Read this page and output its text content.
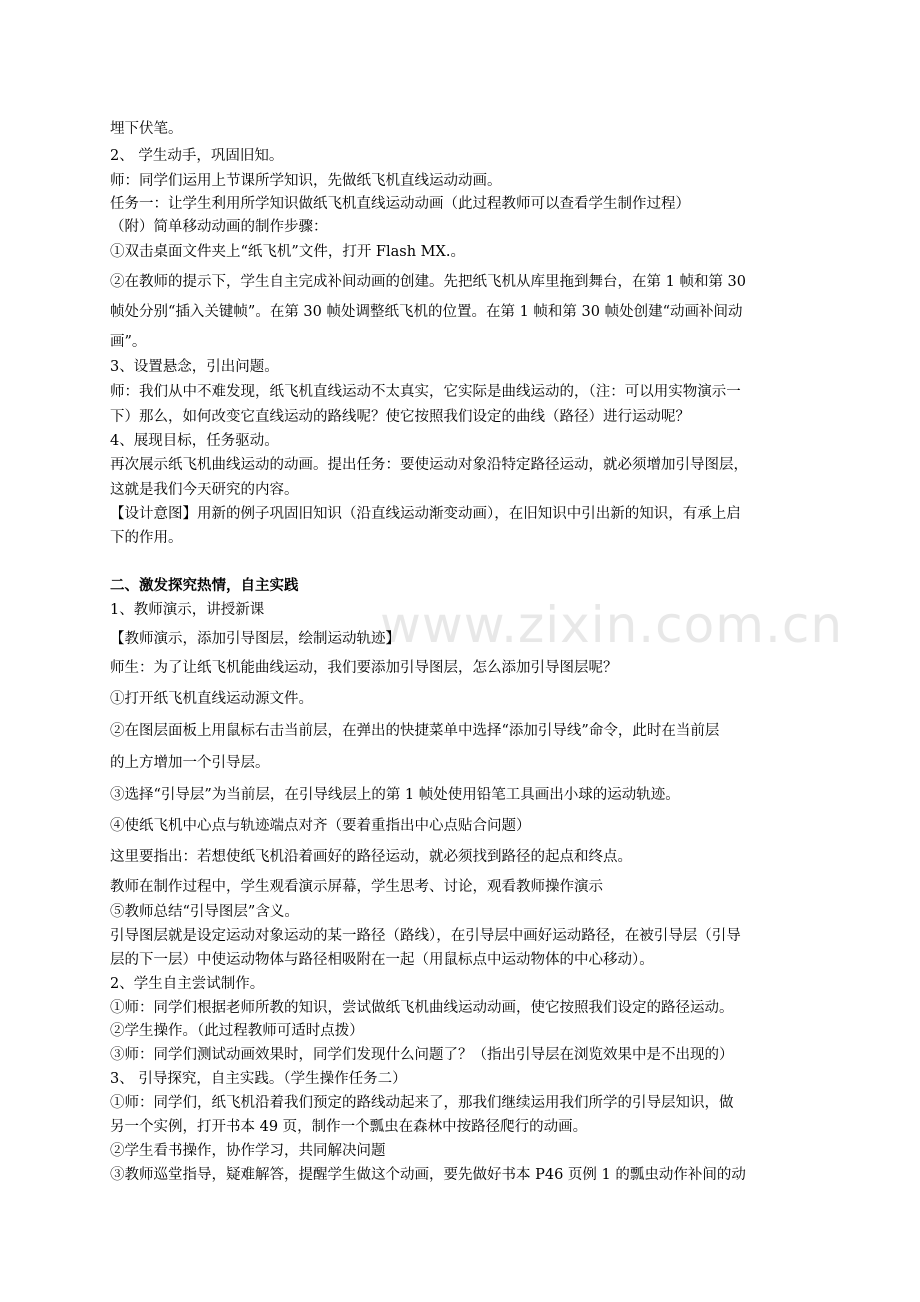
www.zixin.com.cn
埋下伏笔。
2、 学生动手，巩固旧知。
师：同学们运用上节课所学知识，先做纸飞机直线运动动画。
任务一：让学生利用所学知识做纸飞机直线运动动画（此过程教师可以查看学生制作过程）
（附）简单移动动画的制作步骤：
①双击桌面文件夹上“纸飞机”文件，打开 Flash MX.。
②在教师的提示下，学生自主完成补间动画的创建。先把纸飞机从库里拖到舞台，在第 1 帧和第 30
帧处分别“插入关键帧”。在第 30 帧处调整纸飞机的位置。在第 1 帧和第 30 帧处创建“动画补间动
画”。
3、设置悬念，引出问题。
师：我们从中不难发现，纸飞机直线运动不太真实，它实际是曲线运动的，（注：可以用实物演示一
下）那么，如何改变它直线运动的路线呢？使它按照我们设定的曲线（路径）进行运动呢？
4、展现目标，任务驱动。
再次展示纸飞机曲线运动的动画。提出任务：要使运动对象沿特定路径运动，就必须增加引导图层，
这就是我们今天研究的内容。
【设计意图】用新的例子巩固旧知识（沿直线运动渐变动画），在旧知识中引出新的知识，有承上启
下的作用。
二、激发探究热情，自主实践
1、教师演示，讲授新课
【教师演示，添加引导图层，绘制运动轨迹】
师生：为了让纸飞机能曲线运动，我们要添加引导图层，怎么添加引导图层呢？
①打开纸飞机直线运动源文件。
②在图层面板上用鼠标右击当前层，在弹出的快捷菜单中选择“添加引导线”命令，此时在当前层
的上方增加一个引导层。
③选择“引导层”为当前层，在引导线层上的第 1 帧处使用铅笔工具画出小球的运动轨迹。
④使纸飞机中心点与轨迹端点对齐（要着重指出中心点贴合问题）
这里要指出：若想使纸飞机沿着画好的路径运动，就必须找到路径的起点和终点。
教师在制作过程中，学生观看演示屏幕，学生思考、讨论，观看教师操作演示
⑤教师总结“引导图层”含义。
引导图层就是设定运动对象运动的某一路径（路线），在引导层中画好运动路径，在被引导层（引导
层的下一层）中使运动物体与路径相吸附在一起（用鼠标点中运动物体的中心移动）。
2、学生自主尝试制作。
①师：同学们根据老师所教的知识，尝试做纸飞机曲线运动动画，使它按照我们设定的路径运动。
②学生操作。（此过程教师可适时点拨）
③师：同学们测试动画效果时，同学们发现什么问题了？（指出引导层在浏览效果中是不出现的）
3、 引导探究，自主实践。（学生操作任务二）
①师：同学们，纸飞机沿着我们预定的路线动起来了，那我们继续运用我们所学的引导层知识，做
另一个实例，打开书本 49 页，制作一个瓢虫在森林中按路径爬行的动画。
②学生看书操作，协作学习，共同解决问题
③教师巡堂指导，疑难解答，提醒学生做这个动画，要先做好书本 P46 页例 1 的瓢虫动作补间的动
